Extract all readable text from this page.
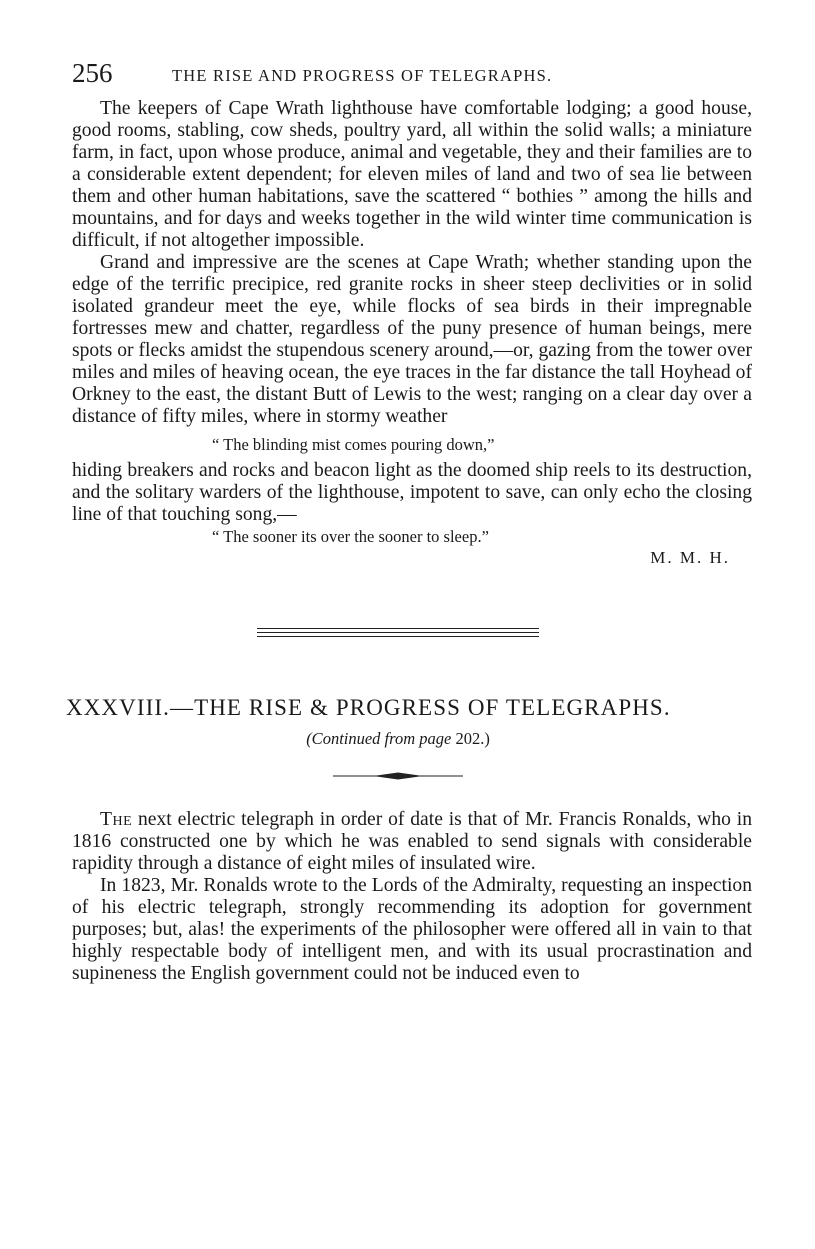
256	THE RISE AND PROGRESS OF TELEGRAPHS.

The keepers of Cape Wrath lighthouse have comfortable lodging; a good house, good rooms, stabling, cow sheds, poultry yard, all within the solid walls; a miniature farm, in fact, upon whose produce, animal and vegetable, they and their families are to a considerable extent dependent; for eleven miles of land and two of sea lie between them and other human habitations, save the scattered “ bothies ” among the hills and mountains, and for days and weeks together in the wild winter time communication is difficult, if not altogether impossible.

Grand and impressive are the scenes at Cape Wrath; whether standing upon the edge of the terrific precipice, red granite rocks in sheer steep declivities or in solid isolated grandeur meet the eye, while flocks of sea birds in their impregnable fortresses mew and chatter, regardless of the puny presence of human beings, mere spots or flecks amidst the stupendous scenery around,—or, gazing from the tower over miles and miles of heaving ocean, the eye traces in the far distance the tall Hoyhead of Orkney to the east, the distant Butt of Lewis to the west; ranging on a clear day over a distance of fifty miles, where in stormy weather

“ The blinding mist comes pouring down,”

hiding breakers and rocks and beacon light as the doomed ship reels to its destruction, and the solitary warders of the lighthouse, impotent to save, can only echo the closing line of that touching song,—

“ The sooner its over the sooner to sleep.”
M. M. H.
XXXVIII.—THE RISE & PROGRESS OF TELEGRAPHS.
(Continued from page 202.)

The next electric telegraph in order of date is that of Mr. Francis Ronalds, who in 1816 constructed one by which he was enabled to send signals with considerable rapidity through a distance of eight miles of insulated wire.

In 1823, Mr. Ronalds wrote to the Lords of the Admiralty, requesting an inspection of his electric telegraph, strongly recommending its adoption for government purposes; but, alas! the experiments of the philosopher were offered all in vain to that highly respectable body of intelligent men, and with its usual procrastination and supineness the English government could not be induced even to
